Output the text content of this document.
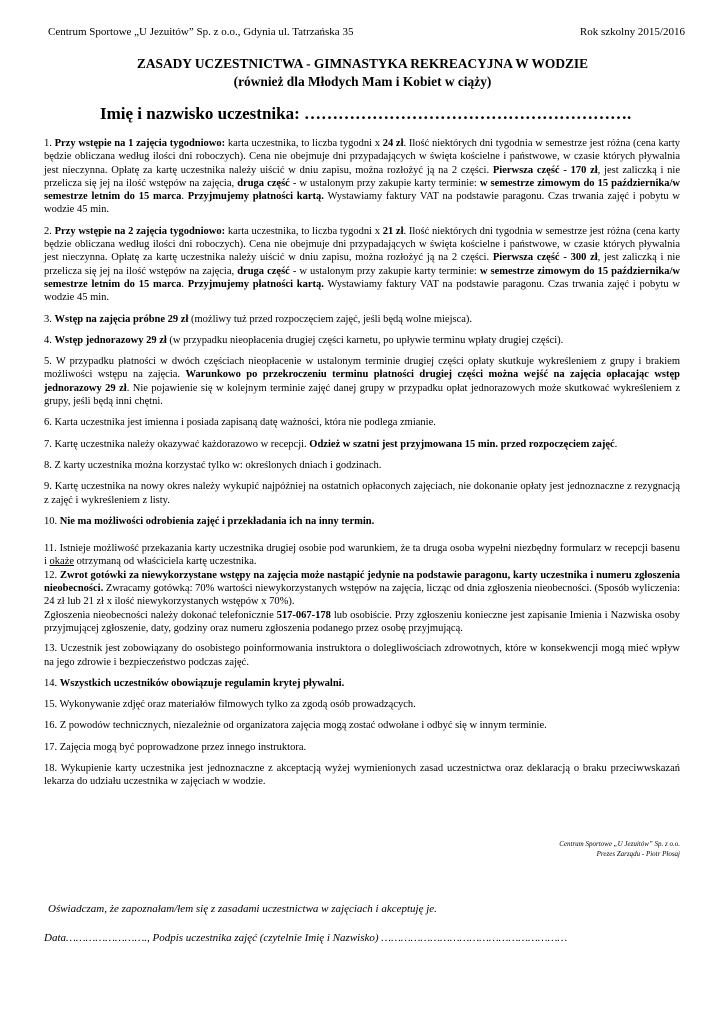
Centrum Sportowe „U Jezuitów” Sp. z o.o., Gdynia ul. Tatrzańska 35	Rok szkolny 2015/2016
ZASADY UCZESTNICTWA - GIMNASTYKA REKREACYJNA W WODZIE
(również dla Młodych Mam i Kobiet w ciąży)
Imię i nazwisko uczestnika: ………………………………………………….

1. Przy wstępie na 1 zajęcia tygodniowo: karta uczestnika, to liczba tygodni x 24 zł. Ilość niektórych dni tygodnia w semestrze jest różna (cena karty będzie obliczana według ilości dni roboczych). Cena nie obejmuje dni przypadających w święta kościelne i państwowe, w czasie których pływalnia jest nieczynna. Opłatę za kartę uczestnika należy uiścić w dniu zapisu, można rozłożyć ją na 2 części. Pierwsza część - 170 zł, jest zaliczką i nie przelicza się jej na ilość wstępów na zajęcia, druga część - w ustalonym przy zakupie karty terminie: w semestrze zimowym do 15 października/w semestrze letnim do 15 marca. Przyjmujemy płatności kartą. Wystawiamy faktury VAT na podstawie paragonu. Czas trwania zajęć i pobytu w wodzie 45 min.

2. Przy wstępie na 2 zajęcia tygodniowo: karta uczestnika, to liczba tygodni x 21 zł. Ilość niektórych dni tygodnia w semestrze jest różna (cena karty będzie obliczana według ilości dni roboczych). Cena nie obejmuje dni przypadających w święta kościelne i państwowe, w czasie których pływalnia jest nieczynna. Opłatę za kartę uczestnika należy uiścić w dniu zapisu, można rozłożyć ją na 2 części. Pierwsza część - 300 zł, jest zaliczką i nie przelicza się jej na ilość wstępów na zajęcia, druga część - w ustalonym przy zakupie karty terminie: w semestrze zimowym do 15 października/w semestrze letnim do 15 marca. Przyjmujemy płatności kartą. Wystawiamy faktury VAT na podstawie paragonu. Czas trwania zajęć i pobytu w wodzie 45 min.

3. Wstęp na zajęcia próbne 29 zł (możliwy tuż przed rozpoczęciem zajęć, jeśli będą wolne miejsca).

4. Wstęp jednorazowy 29 zł (w przypadku nieopłacenia drugiej części karnetu, po upływie terminu wpłaty drugiej części).

5. W przypadku płatności w dwóch częściach nieopłacenie w ustalonym terminie drugiej części opłaty skutkuje wykreśleniem z grupy i brakiem możliwości wstępu na zajęcia. Warunkowo po przekroczeniu terminu płatności drugiej części można wejść na zajęcia opłacając wstęp jednorazowy 29 zł. Nie pojawienie się w kolejnym terminie zajęć danej grupy w przypadku opłat jednorazowych może skutkować wykreśleniem z grupy, jeśli będą inni chętni.

6. Karta uczestnika jest imienna i posiada zapisaną datę ważności, która nie podlega zmianie.

7. Kartę uczestnika należy okazywać każdorazowo w recepcji. Odzież w szatni jest przyjmowana 15 min. przed rozpoczęciem zajęć.

8. Z karty uczestnika można korzystać tylko w: określonych dniach i godzinach.

9. Kartę uczestnika na nowy okres należy wykupić najpóźniej na ostatnich opłaconych zajęciach, nie dokonanie opłaty jest jednoznaczne z rezygnacją z zajęć i wykreśleniem z listy.

10. Nie ma możliwości odrobienia zajęć i przekładania ich na inny termin.

11. Istnieje możliwość przekazania karty uczestnika drugiej osobie pod warunkiem, że ta druga osoba wypełni niezbędny formularz w recepcji basenu i okaże otrzymaną od właściciela kartę uczestnika.

12. Zwrot gotówki za niewykorzystane wstępy na zajęcia może nastąpić jedynie na podstawie paragonu, karty uczestnika i numeru zgłoszenia nieobecności. Zwracamy gotówką: 70% wartości niewykorzystanych wstępów na zajęcia, licząc od dnia zgłoszenia nieobecności. (Sposób wyliczenia: 24 zł lub 21 zł x ilość niewykorzystanych wstępów x 70%).

Zgłoszenia nieobecności należy dokonać telefonicznie 517-067-178 lub osobiście. Przy zgłoszeniu konieczne jest zapisanie Imienia i Nazwiska osoby przyjmującej zgłoszenie, daty, godziny oraz numeru zgłoszenia podanego przez osobę przyjmującą.

13. Uczestnik jest zobowiązany do osobistego poinformowania instruktora o dolegliwościach zdrowotnych, które w konsekwencji mogą mieć wpływ na jego zdrowie i bezpieczeństwo podczas zajęć.

14. Wszystkich uczestników obowiązuje regulamin krytej pływalni.

15. Wykonywanie zdjęć oraz materiałów filmowych tylko za zgodą osób prowadzących.

16. Z powodów technicznych, niezależnie od organizatora zajęcia mogą zostać odwołane i odbyć się w innym terminie.

17. Zajęcia mogą być poprowadzone przez innego instruktora.

18. Wykupienie karty uczestnika jest jednoznaczne z akceptacją wyżej wymienionych zasad uczestnictwa oraz deklaracją o braku przeciwwskazań lekarza do udziału uczestnika w zajęciach w wodzie.

Centrum Sportowe „U Jezuitów” Sp. z o.o.
Prezes Zarządu - Piotr Płosaj
Oświadczam, że zapoznałam/łem się z zasadami uczestnictwa w zajęciach i akceptuję je.
Data……………………., Podpis uczestnika zajęć (czytelnie Imię i Nazwisko) …………………………………………………
